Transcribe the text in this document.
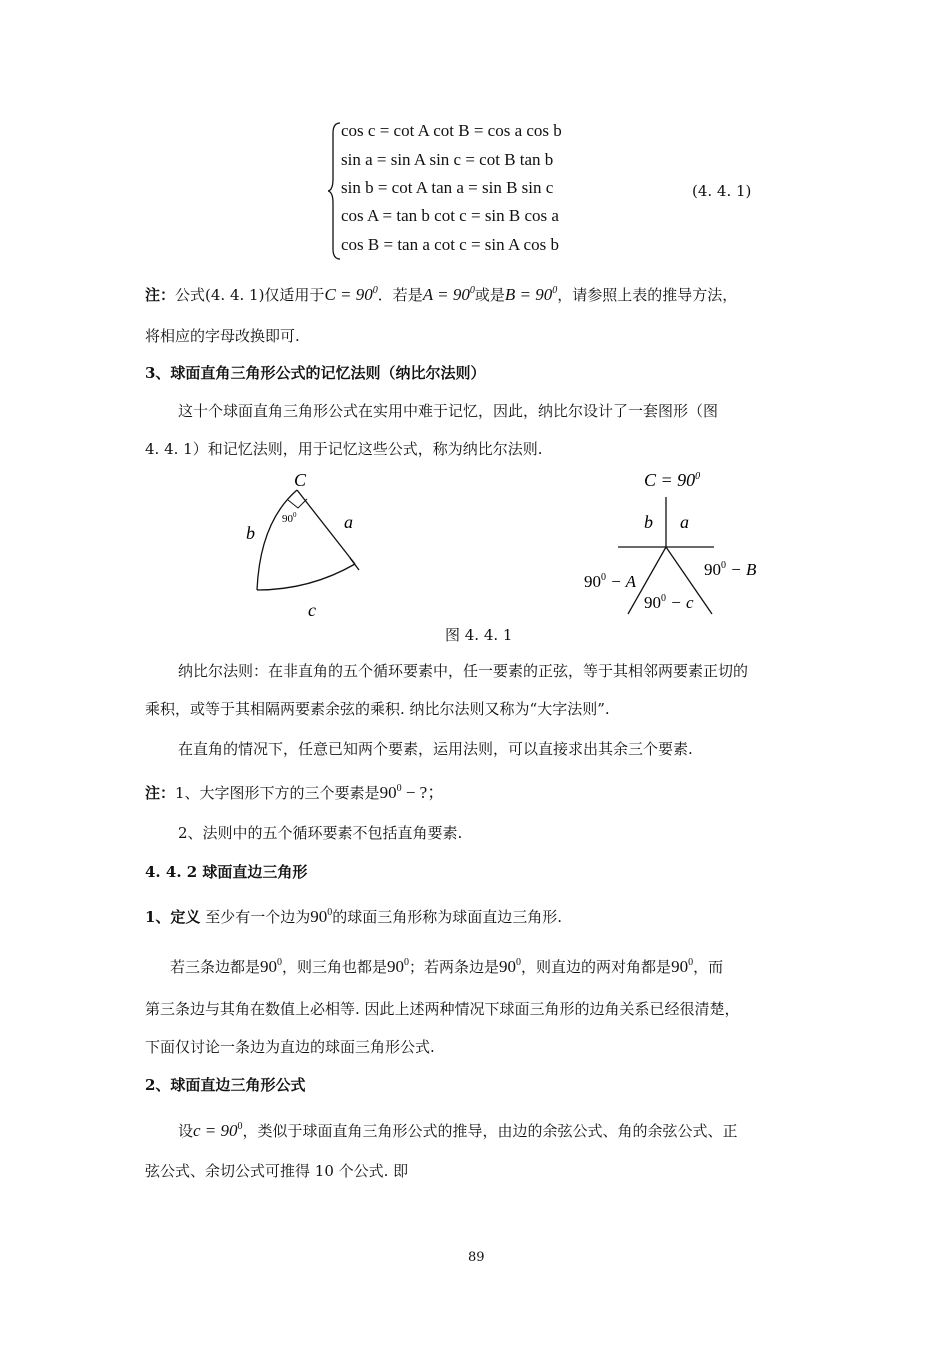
cos c = cot A cot B = cos a cos b
sin a = sin A sin c = cot B tan b
sin b = cot A tan a = sin B sin c
cos A = tan b cot c = sin B cos a
cos B = tan a cot c = sin A cos b
(4. 4. 1)
注：公式(4. 4. 1)仅适用于$C = 90^0$．若是$A = 90^0$或是$B = 90^0$，请参照上表的推导方法，
将相应的字母改换即可.
3、球面直角三角形公式的记忆法则（纳比尔法则）
这十个球面直角三角形公式在实用中难于记忆，因此，纳比尔设计了一套图形（图
4. 4. 1）和记忆法则，用于记忆这些公式，称为纳比尔法则.
C
$90^0$	a
b
c
$C = 90^0$
b a
$90^0 - A$
$90^0 - B$
$90^0 - c$
图 4. 4. 1
纳比尔法则：在非直角的五个循环要素中，任一要素的正弦，等于其相邻两要素正切的
乘积，或等于其相隔两要素余弦的乘积. 纳比尔法则又称为“大字法则”.
在直角的情况下，任意已知两个要素，运用法则，可以直接求出其余三个要素.
注：1、大字图形下方的三个要素是$90^0$ − ?；
2、法则中的五个循环要素不包括直角要素.
4. 4. 2 球面直边三角形
1、定义 至少有一个边为$90^0$的球面三角形称为球面直边三角形.
若三条边都是$90^0$，则三角也都是$90^0$；若两条边是$90^0$，则直边的两对角都是$90^0$，而
第三条边与其角在数值上必相等. 因此上述两种情况下球面三角形的边角关系已经很清楚，
下面仅讨论一条边为直边的球面三角形公式.
2、球面直边三角形公式
设$c = 90^0$，类似于球面直角三角形公式的推导，由边的余弦公式、角的余弦公式、正
弦公式、余切公式可推得 10 个公式. 即
89
